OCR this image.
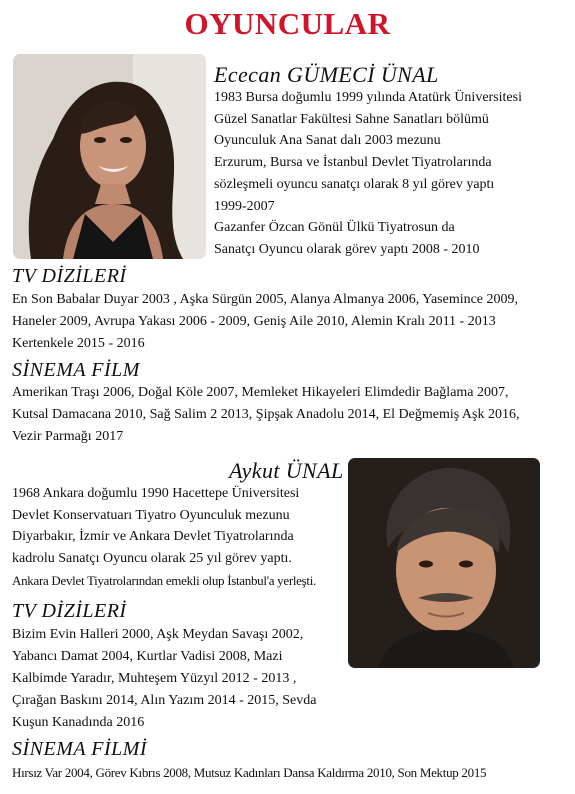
OYUNCULAR
Ececan GÜMECİ ÜNAL
1983 Bursa doğumlu 1999 yılında Atatürk Üniversitesi
Güzel Sanatlar Fakültesi Sahne Sanatları bölümü
Oyunculuk Ana Sanat dalı 2003 mezunu
Erzurum, Bursa ve İstanbul Devlet Tiyatrolarında
sözleşmeli oyuncu sanatçı olarak 8 yıl görev yaptı
1999-2007
Gazanfer Özcan Gönül Ülkü Tiyatrosun da
Sanatçı Oyuncu olarak görev yaptı 2008 - 2010
TV DİZİLERİ
En Son Babalar Duyar 2003 , Aşka Sürgün 2005, Alanya Almanya 2006, Yasemince 2009,
Haneler 2009, Avrupa Yakası 2006 - 2009, Geniş Aile 2010, Alemin Kralı 2011 - 2013
Kertenkele 2015 - 2016
SİNEMA FİLM
Amerikan Traşı 2006, Doğal Köle 2007, Memleket Hikayeleri Elimdedir Bağlama 2007,
Kutsal Damacana 2010, Sağ Salim 2 2013, Şipşak Anadolu 2014, El Değmemiş Aşk 2016,
Vezir Parmağı 2017
Aykut ÜNAL
1968 Ankara doğumlu 1990 Hacettepe Üniversitesi
Devlet Konservatuarı Tiyatro Oyunculuk mezunu
Diyarbakır, İzmir ve Ankara Devlet Tiyatrolarında
kadrolu Sanatçı Oyuncu olarak 25 yıl görev yaptı.
Ankara Devlet Tiyatrolarından emekli olup İstanbul'a yerleşti.
TV DİZİLERİ
Bizim Evin Halleri 2000, Aşk Meydan Savaşı 2002,
Yabancı Damat 2004, Kurtlar Vadisi 2008, Mazi
Kalbimde Yaradır, Muhteşem Yüzyıl 2012 - 2013 ,
Çırağan Baskını 2014, Alın Yazım 2014 - 2015, Sevda
Kuşun Kanadında 2016
SİNEMA FİLMİ
Hırsız Var 2004, Görev Kıbrıs 2008, Mutsuz Kadınları Dansa Kaldırma 2010, Son Mektup 2015
